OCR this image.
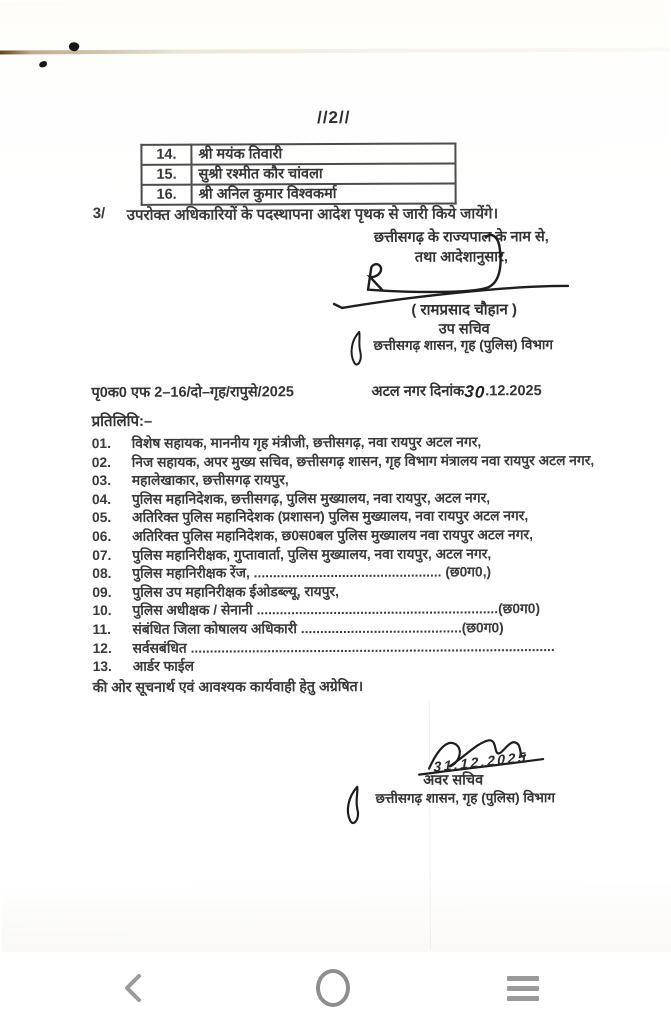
//2//
14.	श्री मयंक तिवारी
15.	सुश्री रश्मीत कौर चांवला
16.	श्री अनिल कुमार विश्वकर्मा
3/	उपरोक्त अधिकारियों के पदस्थापना आदेश पृथक से जारी किये जायेंगे।
छत्तीसगढ़ के राज्यपाल के नाम से,
तथा आदेशानुसार,
( रामप्रसाद चौहान )
उप सचिव
छत्तीसगढ़ शासन, गृह (पुलिस) विभाग
पृ0क0 एफ 2–16/दो–गृह/रापुसे/2025	अटल नगर दिनांक30.12.2025
प्रतिलिपि:–
01.	विशेष सहायक, माननीय गृह मंत्रीजी, छत्तीसगढ़, नवा रायपुर अटल नगर,
02.	निज सहायक, अपर मुख्य सचिव, छत्तीसगढ़ शासन, गृह विभाग मंत्रालय नवा रायपुर अटल नगर,
03.	महालेखाकार, छत्तीसगढ़ रायपुर,
04.	पुलिस महानिदेशक, छत्तीसगढ़, पुलिस मुख्यालय, नवा रायपुर, अटल नगर,
05.	अतिरिक्त पुलिस महानिदेशक (प्रशासन) पुलिस मुख्यालय, नवा रायपुर अटल नगर,
06.	अतिरिक्त पुलिस महानिदेशक, छ0स0बल पुलिस मुख्यालय नवा रायपुर अटल नगर,
07.	पुलिस महानिरीक्षक, गुप्तावार्ता, पुलिस मुख्यालय, नवा रायपुर, अटल नगर,
08.	पुलिस महानिरीक्षक रेंज, ................................................. (छ0ग0,)
09.	पुलिस उप महानिरीक्षक ईओडब्ल्यू, रायपुर,
10.	पुलिस अधीक्षक / सेनानी ...............................................................(छ0ग0)
11.	संबंधित जिला कोषालय अधिकारी ..........................................(छ0ग0)
12.	सर्वसबंधित ...............................................................................................
13.	आर्डर फाईल
की ओर सूचनार्थ एवं आवश्यक कार्यवाही हेतु अग्रेषित।
31.12.2025
अवर सचिव
छत्तीसगढ़ शासन, गृह (पुलिस) विभाग
